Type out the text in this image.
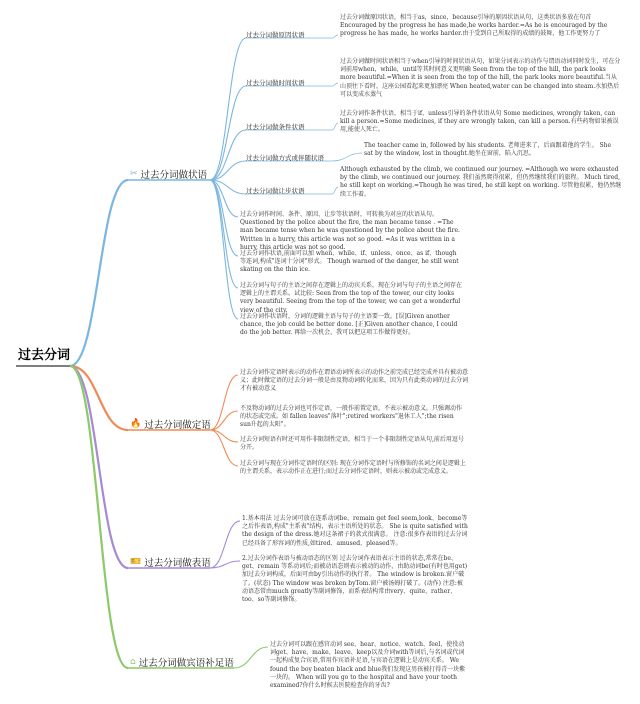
过去分词
✂ 过去分词做状语
过去分词做原因状语
过去分词做原因状语，相当于as，since，because引导的原因状语从句，这类状语多放在句首 Encouraged by the progress he has made,he works harder.=As he is encouraged by the progress he has made, he works harder.由于受到自己所取得的成绩的鼓舞，他工作更努力了
过去分词做时间状语
过去分词做时间状语相当于when引导的时间状语从句，如果分词表示的动作与谓语动词同时发生，可在分词前用when，while，until等其时间意义更明确 Seen from the top of the hill, the park looks more beautiful.=When it is seen from the top of the hill, the park looks more beautiful.当从山顶往下看时，这座公园看起来更加漂亮 When heated,water can be changed into steam.水加热后可以变成水蒸气
过去分词做条件状语
过去分词作条件状语，相当于if，unless引导的条件状语从句 Some medicines, wrongly taken, can kill a person.=Some medicines, if they are wrongly taken, can kill a person.有些药物如果被误用,能使人死亡。
过去分词做方式或伴随状语
The teacher came in, followed by his students. 老师进来了，后面跟着他的学生。 She sat by the window, lost in thought.她坐在窗前，陷入沉思。
过去分词做让步状语
Although exhausted by the climb, we continued our journey. =Although we were exhausted by the climb, we continued our journey. 我们虽然爬得很累，但仍然继续我们的旅程。 Much tired, he still kept on working.=Though he was tired, he still kept on working. 尽管他很累，他仍然继续工作着。
过去分词作时间、条件、原因、让步等状语时，可转换为对应的状语从句。 Questioned by the police about the fire, the man became tense . =The man became tense when he was questioned by the police about the fire. Written in a hurry, this article was not so good. =As it was written in a hurry, this article was not so good.
过去分词作状语,前面可以加 when、while、if、unless、once、as if、though等连词,构成"连词十分词"形式。 Though warned of the danger, he still went skating on the thin ice.
过去分词与句子的主语之间存在逻辑上的动宾关系，现在分词与句子的主语之间存在逻辑上的主谓关系。试比较: Seen from the top of the tower, our city looks very beautiful. Seeing from the top of the tower, we can get a wonderful view of the city.
过去分词作状语时，分词的逻辑主语与句子的主语要一致。[误]Given another chance, the job could be better done. [正]Given another chance, I could do the job better. 再给一次机会，我可以把这项工作做得更好。
🔥 过去分词做定语
过去分词作定语时表示的动作在谓语动词所表示的动作之前完成已经完成并具有被动意义；此时做定语的过去分词一般是由及物动词转化而来，因为只有此类动词的过去分词才有被动意义
不及物动词的过去分词也可作定语，一般作前置定语，不表示被动意义，只强调动作的状态或完成。如 fallen leaves"落叶";retired workers"退休工人";the risen sun升起的太阳"。
过去分词短语有时还可用作非限制性定语，相当于一个非限制性定语从句,前后用逗号分开。
过去分词与现在分词作定语时的区别: 现在分词作定语时与所修饰的名词之间是逻辑上的主谓关系，表示动作正在进行;而过去分词作定语时，则表示被动或完成意义。
🎫 过去分词做表语
1.基本用法 过去分词可放在连系动词be、remain get feel seem,look、become等之后作表语,构成"主系表"结构，表示主语所处的状态。 She is quite satisfied with the design of the dress.她对这条裙子的款式很满意。 注意:很多作表语的过去分词已经具备了形容词的性质,如tired、amused、pleased等。
2.过去分词作表语与被动语态的区别 过去分词作表语表示主语的状态,常常在be、get、remain 等系动词后;而被动语态则表示被动的动作，由助动词be(有时也用get)加过去分词构成，后面可由by引出动作的执行者。 The window is broken.窗户破了。(状态) The window was broken byTom.窗户被汤姆打破了。(动作) 注意:被动语态常由much greatly等副词修饰，而系表结构常由very、quite、rather、too、so等副词修饰。
⌂ 过去分词做宾语补足语
过去分词可以跟在感官动词 see、hear、notice、watch、feel，使役动词get、have、make、leave、keep以及介词with等词后,与名词或代词一起构成复合宾语,常用作宾语补足语,与宾语在逻辑上是动宾关系。 We found the boy beaten black and blue我们发现这男孩被打得青一块紫一块的。 When will you go to the hospital and have your tooth examined?你什么时候去医院检查你的牙齿?
